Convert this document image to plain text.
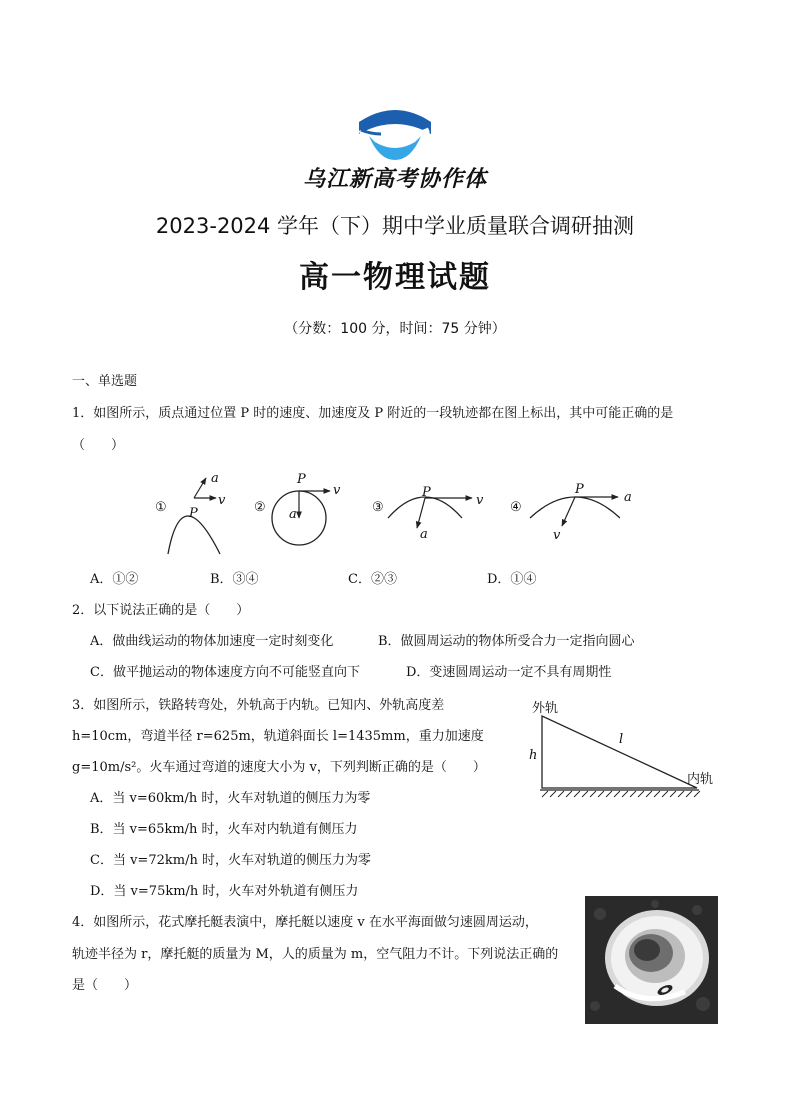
乌江新高考协作体
2023-2024 学年（下）期中学业质量联合调研抽测
高一物理试题
（分数：100 分，时间：75 分钟）
一、单选题
1．如图所示，质点通过位置 P 时的速度、加速度及 P 附近的一段轨迹都在图上标出，其中可能正确的是
（　　）
①	②	③	④
a
v
P
P
v
a
P
v
a
P
a
v
A．①②	B．③④	C．②③	D．①④
2．以下说法正确的是（　　）
A．做曲线运动的物体加速度一定时刻变化	B．做圆周运动的物体所受合力一定指向圆心
C．做平抛运动的物体速度方向不可能竖直向下	D．变速圆周运动一定不具有周期性
3．如图所示，铁路转弯处，外轨高于内轨。已知内、外轨高度差
h=10cm，弯道半径 r=625m，轨道斜面长 l=1435mm，重力加速度
g=10m/s²。火车通过弯道的速度大小为 v，下列判断正确的是（　　）
A．当 v=60km/h 时，火车对轨道的侧压力为零
B．当 v=65km/h 时，火车对内轨道有侧压力
C．当 v=72km/h 时，火车对轨道的侧压力为零
D．当 v=75km/h 时，火车对外轨道有侧压力
外轨
内轨
h
l
4．如图所示，花式摩托艇表演中，摩托艇以速度 v 在水平海面做匀速圆周运动，
轨迹半径为 r，摩托艇的质量为 M，人的质量为 m，空气阻力不计。下列说法正确的
是（　　）
